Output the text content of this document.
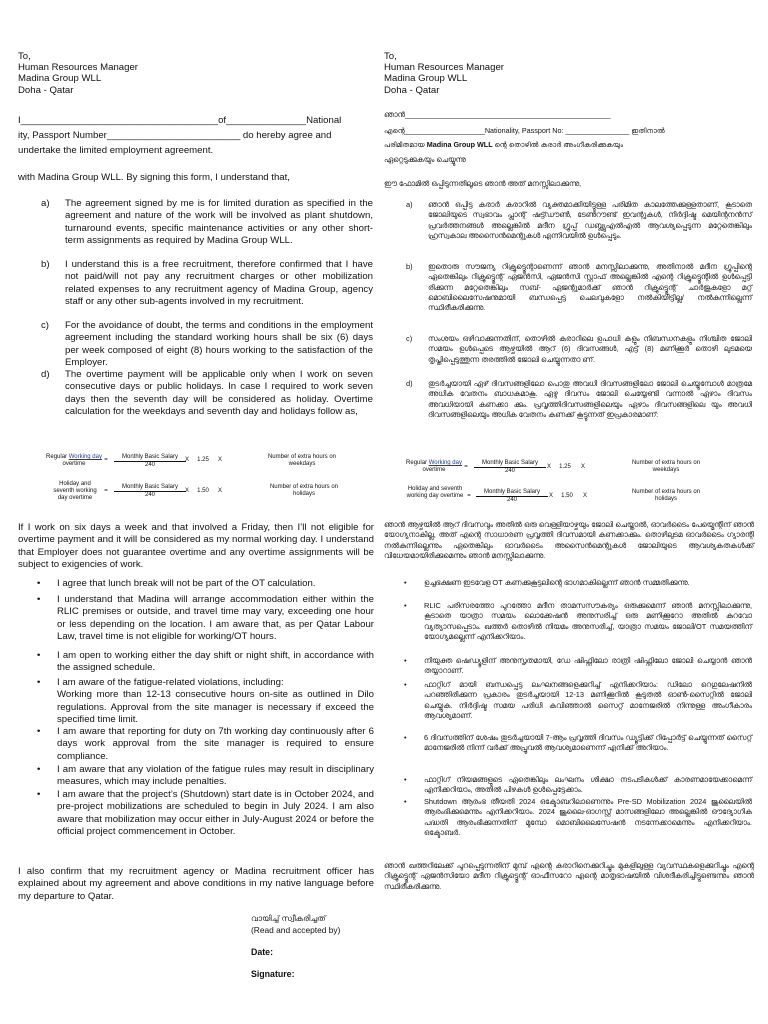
To,
Human Resources Manager
Madina Group WLL
Doha - Qatar
I_____________________________________of_______________National
ity, Passport Number_________________________ do hereby agree and
undertake the limited employment agreement.
with Madina Group WLL. By signing this form, I understand that,
a)	The agreement signed by me is for limited duration as specified in the agreement and nature of the work will be involved as plant shutdown, turnaround events, specific maintenance activities or any other short-term assignments as required by Madina Group WLL.
b)	I understand this is a free recruitment, therefore confirmed that I have not paid/will not pay any recruitment charges or other mobilization related expenses to any recruitment agency of Madina Group, agency staff or any other sub-agents involved in my recruitment.
c)	For the avoidance of doubt, the terms and conditions in the employment agreement including the standard working hours shall be six (6) days per week composed of eight (8) hours working to the satisfaction of the Employer.
d)	The overtime payment will be applicable only when I work on seven consecutive days or public holidays. In case I required to work seven days then the seventh day will be considered as holiday. Overtime calculation for the weekdays and seventh day and holidays follow as,
Regular Working day overtime
=	Monthly Basic Salary
240
X	1.25	X	Number of extra hours on weekdays
Holiday and seventh working day overtime
=
Monthly Basic Salary
240
X	1.50	X
Number of extra hours on holidays
If I work on six days a week and that involved a Friday, then I’ll not eligible for overtime payment and it will be considered as my normal working day. I understand that Employer does not guarantee overtime and any overtime assignments will be subject to exigencies of work.
•	I agree that lunch break will not be part of the OT calculation.
•	I understand that Madina will arrange accommodation either within the RLIC premises or outside, and travel time may vary, exceeding one hour or less depending on the location. I am aware that, as per Qatar Labour Law, travel time is not eligible for working/OT hours.
•	I am open to working either the day shift or night shift, in accordance with the assigned schedule.
•	I am aware of the fatigue-related violations, including:
Working more than 12-13 consecutive hours on-site as outlined in Dilo regulations. Approval from the site manager is necessary if exceed the specified time limit.
•	I am aware that reporting for duty on 7th working day continuously after 6 days work approval from the site manager is required to ensure compliance.
•	I am aware that any violation of the fatigue rules may result in disciplinary measures, which may include penalties.
•	I am aware that the project’s (Shutdown) start date is in October 2024, and pre-project mobilizations are scheduled to begin in July 2024. I am also aware that mobilization may occur either in July-August 2024 or before the official project commencement in October.
I also confirm that my recruitment agency or Madina recruitment officer has explained about my agreement and above conditions in my native language before my departure to Qatar.
വായിച്ച് സ്വീകരിച്ചത്
(Read and accepted by)
Date:
Signature:
To,
Human Resources Manager
Madina Group WLL
Doha - Qatar
ഞാൻ__________________________________________________
എന്റെ____________________Nationality, Passport No: ________________ ഇതിനാൽ
പരിമിതമായ Madina Group WLL ന്റെ തൊഴിൽ കരാർ അംഗീകരിക്കുകയും
ഏറ്റെടുക്കുകയും ചെയ്യുന്നു
ഈ ഫോമിൽ ഒപ്പിടുന്നതിലൂടെ ഞാൻ അത് മനസ്സിലാക്കുന്നു,
a)	ഞാൻ ഒപ്പിട്ട കരാർ കരാറിൽ വ്യക്തമാക്കിയിട്ടുള്ള പരിമിത കാലത്തേക്കുള്ളതാണ്, കൂടാതെ ജോലിയുടെ സ്വഭാവം പ്ലാന്റ് ഷട്ട്ഡൗൺ, ടേൺറൗണ്ട് ഇവന്റുകൾ, നിർദ്ദിഷ്ട മെയിന്റനൻസ് പ്രവർത്തനങ്ങൾ അല്ലെങ്കിൽ മദീന ഗ്രൂപ്പ് ഡബ്ല്യുഎൽഎൽ ആവശ്യപ്പെടുന്ന മറ്റേതെങ്കിലും ഹ്രസ്വകാല അസൈൻമെന്റുകൾ എന്നിവയിൽ ഉൾപ്പെടും.
b)	ഇതൊരു സൗജന്യ റിക്രൂട്ട്മെന്റാണെന്ന് ഞാൻ മനസ്സിലാക്കുന്നു, അതിനാൽ മദീന ഗ്രൂപ്പിന്റെ ഏതെങ്കിലും റിക്രൂട്ട്മെന്റ് ഏജൻസി, ഏജൻസി സ്റ്റാഫ് അല്ലെങ്കിൽ എന്റെ റിക്രൂട്ട്മെന്റിൽ ഉൾപ്പെട്ടി രിക്കുന്ന മറ്റേതെങ്കിലും സബ്- ഏജന്റുമാർക്ക് ഞാൻ റിക്രൂട്ട്മെന്റ് ചാർജുകളോ മറ്റ് മൊബിലൈസേഷനുമായി ബന്ധപ്പെട്ട ചെലവുകളോ നൽകിയിട്ടില്ല/ നൽകുന്നില്ലെന്ന് സ്ഥിരീകരിക്കുന്നു.
c)	സംശയം ഒഴിവാക്കുന്നതിന്, തൊഴിൽ കരാറിലെ ഉപാധി കളും നിബന്ധനകളും നിശ്ചിത ജോലി സമയം ഉൾപ്പെടെ ആഴ്ചയിൽ ആറ് (6) ദിവസങ്ങൾ, എട്ട് (8) മണിക്കൂർ തൊഴി ലുടമയെ തൃപ്തിപ്പെടുത്തുന്ന തരത്തിൽ ജോലി ചെയ്യുന്നതാ ണ്.
d)	തുടർച്ചയായി ഏഴ് ദിവസങ്ങളിലോ പൊതു അവധി ദിവസങ്ങളിലോ ജോലി ചെയ്യുമ്പോൾ മാത്രമേ അധിക വേതനം ബാധകമാകൂ. ഏഴു ദിവസം ജോലി ചെയ്യേണ്ടി വന്നാൽ ഏഴാം ദിവസം അവധിയായി കണക്കാ ക്കും. പ്രവൃത്തിദിവസങ്ങളിലെയും ഏഴാം ദിവസങ്ങളിലെ യും അവധി ദിവസങ്ങളിലെയും അധിക വേതനം കണക്ക് കൂട്ടുന്നത് ഇപ്രകാരമാണ്:
Regular Working day overtime	=
Monthly Basic Salary
240
X	1.25	X
Number of extra hours on weekdays
Holiday and seventh working day overtime =
Monthly Basic Salary
240
X	1.50	X
Number of extra hours on holidays
ഞാൻ ആഴ്ചയിൽ ആറ് ദിവസവും അതിൽ ഒരു വെള്ളിയാഴ്ചയും ജോലി ചെയ്താൽ, ഓവർടൈം പേയ്മെന്റിന് ഞാൻ യോഗ്യനാകില്ല, അത് എന്റെ സാധാരണ പ്രവൃത്തി ദിവസമായി കണക്കാക്കും. തൊഴിലുടമ ഓവർടൈം ഗ്യാരന്റി നൽകുന്നില്ലെന്നും ഏതെങ്കിലും ഓവർടൈം അസൈൻമെന്റുകൾ ജോലിയുടെ ആവശ്യകതകൾക്ക് വിധേയമായിരിക്കുമെന്നും ഞാൻ മനസ്സിലാക്കുന്നു.
•	ഉച്ചഭക്ഷണ ഇടവേള OT കണക്കുകൂട്ടലിന്റെ ഭാഗമാകില്ലെന്ന് ഞാൻ സമ്മതിക്കുന്നു.
•	RLIC പരിസരത്തോ പുറത്തോ മദീന താമസസൗകര്യം ഒരുക്കുമെന്ന് ഞാൻ മനസ്സിലാക്കുന്നു, കൂടാതെ യാത്രാ സമയം ലൊക്കേഷൻ അനുസരിച്ച് ഒരു മണിക്കൂറോ അതിൽ കുറവോ വ്യത്യാസപ്പെടാം. ഖത്തർ തൊഴിൽ നിയമം അനുസരിച്ച്, യാത്രാ സമയം ജോലി/OT സമയത്തിന് യോഗ്യമല്ലെന്ന് എനിക്കറിയാം.
•	നിയുക്ത ഷെഡ്യൂളിന് അനുസൃതമായി, ഡേ ഷിഫ്റ്റിലോ രാത്രി ഷിഫ്റ്റിലോ ജോലി ചെയ്യാൻ ഞാൻ തയ്യാറാണ്.
•	ഫാറ്റിഗ് മായി ബന്ധപ്പെട്ട ലംഘനങ്ങളെക്കുറിച്ച് എനിക്കറിയാം: ഡിലോ റെഗുലേഷനിൽ പറഞ്ഞിരിക്കുന്ന പ്രകാരം തുടർച്ചയായി 12-13 മണിക്കൂറിൽ കൂടുതൽ ഓൺ-സൈറ്റിൽ ജോലി ചെയ്യുക. നിർദ്ദിഷ്ട സമയ പരിധി കവിഞ്ഞാൽ സൈറ്റ് മാനേജരിൽ നിന്നുള്ള അംഗീകാരം ആവശ്യമാണ്.
•	6 ദിവസത്തിന് ശേഷം തുടർച്ചയായി 7-ആം പ്രവൃത്തി ദിവസം ഡ്യൂട്ടിക്ക് റിപ്പോർട്ട് ചെയ്യുന്നത് സൈറ്റ് മാനേജരിൽ നിന്ന് വർക്ക് അപ്രൂവൽ ആവശ്യമാണെന്ന് എനിക്ക് അറിയാം.
•	ഫാറ്റിഗ് നിയമങ്ങളുടെ ഏതെങ്കിലും ലംഘനം ശിക്ഷാ നടപടികൾക്ക് കാരണമായേക്കാമെന്ന് എനിക്കറിയാം, അതിൽ പിഴകൾ ഉൾപ്പെട്ടേക്കാം.
•	Shutdown ആരംഭ തീയതി 2024 ഒക്ടോബറിലാണെന്നും Pre-SD Mobilization 2024 ജൂലൈയിൽ ആരംഭിക്കുമെന്നും എനിക്കറിയാം. 2024 ജൂലൈ-ഓഗസ്റ്റ് മാസങ്ങളിലോ അല്ലെങ്കിൽ ഔദ്യോഗിക പദ്ധതി ആരംഭിക്കുന്നതിന് മുമ്പോ മൊബിലൈസേഷൻ നടന്നേക്കാമെന്നും എനിക്കറിയാം. ഒക്ടോബർ.
ഞാൻ ഖത്തറിലേക്ക് പുറപ്പെടുന്നതിന് മുമ്പ് എന്റെ കരാറിനെക്കുറിച്ചും മുകളിലുള്ള വ്യവസ്ഥകളെക്കുറിച്ചും എന്റെ റിക്രൂട്ട്മെന്റ് ഏജൻസിയോ മദീന റിക്രൂട്ട്മെന്റ് ഓഫീസറോ എന്റെ മാതൃഭാഷയിൽ വിശദീകരിച്ചിട്ടുണ്ടെന്നും ഞാൻ സ്ഥിരീകരിക്കുന്നു.
